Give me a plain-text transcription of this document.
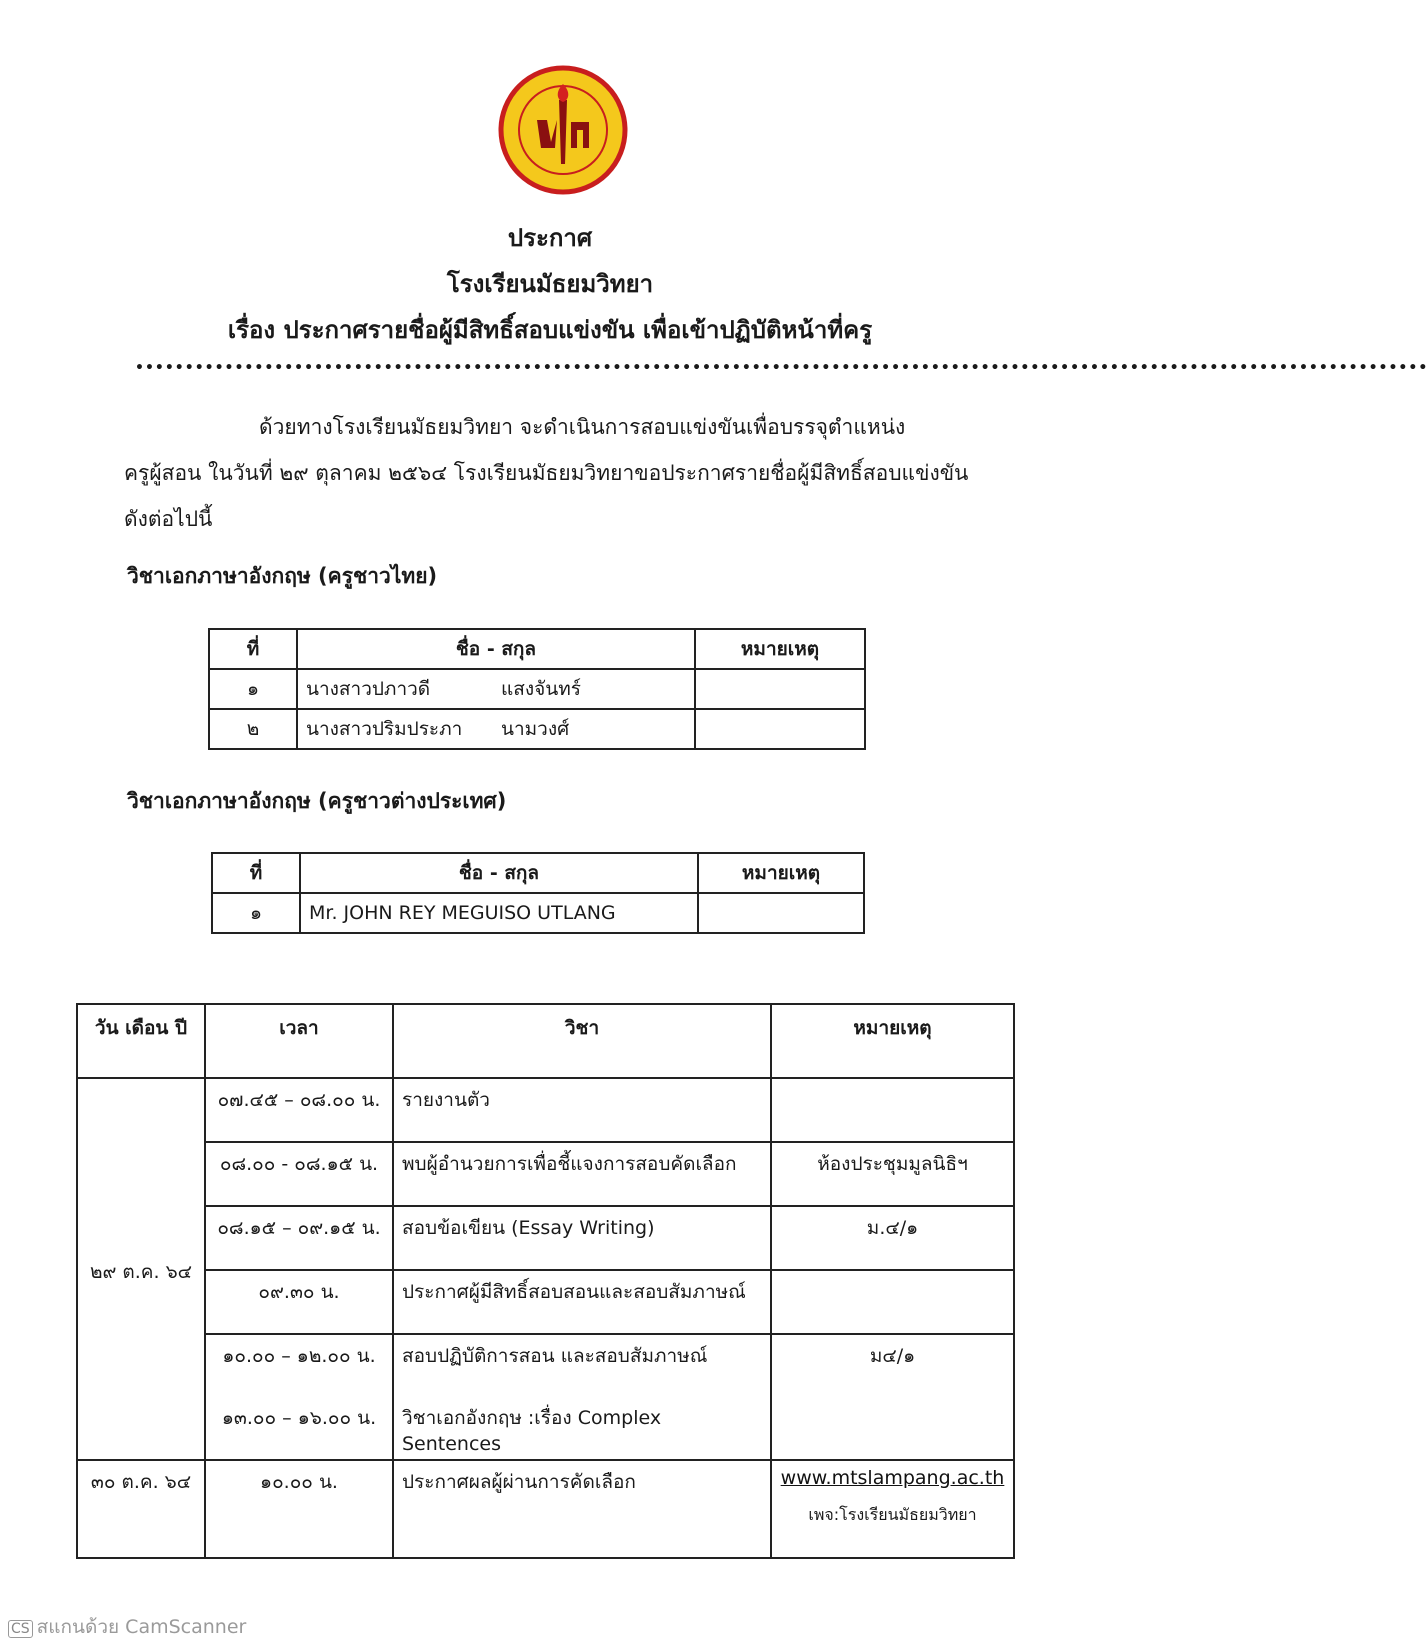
ประกาศ
โรงเรียนมัธยมวิทยา
เรื่อง ประกาศรายชื่อผู้มีสิทธิ์สอบแข่งขัน เพื่อเข้าปฏิบัติหน้าที่ครู
••••••••••••••••••••••••••••••••••••••••••••••••••••••••••••••••••••••••••••••••••••••••••••••••••••••••••••••••••••••••••••••••••
ด้วยทางโรงเรียนมัธยมวิทยา จะดำเนินการสอบแข่งขันเพื่อบรรจุตำแหน่ง
ครูผู้สอน ในวันที่ ๒๙ ตุลาคม ๒๕๖๔ โรงเรียนมัธยมวิทยาขอประกาศรายชื่อผู้มีสิทธิ์สอบแข่งขัน
ดังต่อไปนี้
วิชาเอกภาษาอังกฤษ (ครูชาวไทย)
ที่	ชื่อ - สกุล	หมายเหตุ
๑	นางสาวปภาวดี แสงจันทร์	
๒	นางสาวปริมประภา นามวงศ์	
วิชาเอกภาษาอังกฤษ (ครูชาวต่างประเทศ)
ที่	ชื่อ - สกุล	หมายเหตุ
๑	Mr. JOHN REY MEGUISO UTLANG	
วัน เดือน ปี	เวลา	วิชา	หมายเหตุ
๒๙ ต.ค. ๖๔	๐๗.๔๕ – ๐๘.๐๐ น.	รายงานตัว	
	๐๘.๐๐ - ๐๘.๑๕ น.	พบผู้อำนวยการเพื่อชี้แจงการสอบคัดเลือก	ห้องประชุมมูลนิธิฯ
	๐๘.๑๕ – ๐๙.๑๕ น.	สอบข้อเขียน (Essay Writing)	ม.๔/๑
	๐๙.๓๐ น.	ประกาศผู้มีสิทธิ์สอบสอนและสอบสัมภาษณ์	
	๑๐.๐๐ – ๑๒.๐๐ น.	สอบปฏิบัติการสอน และสอบสัมภาษณ์	ม๔/๑
	๑๓.๐๐ – ๑๖.๐๐ น.	วิชาเอกอังกฤษ :เรื่อง Complex Sentences	
๓๐ ต.ค. ๖๔	๑๐.๐๐ น.	ประกาศผลผู้ผ่านการคัดเลือก	www.mtslampang.ac.th
เพจ:โรงเรียนมัธยมวิทยา
CS สแกนด้วย CamScanner
